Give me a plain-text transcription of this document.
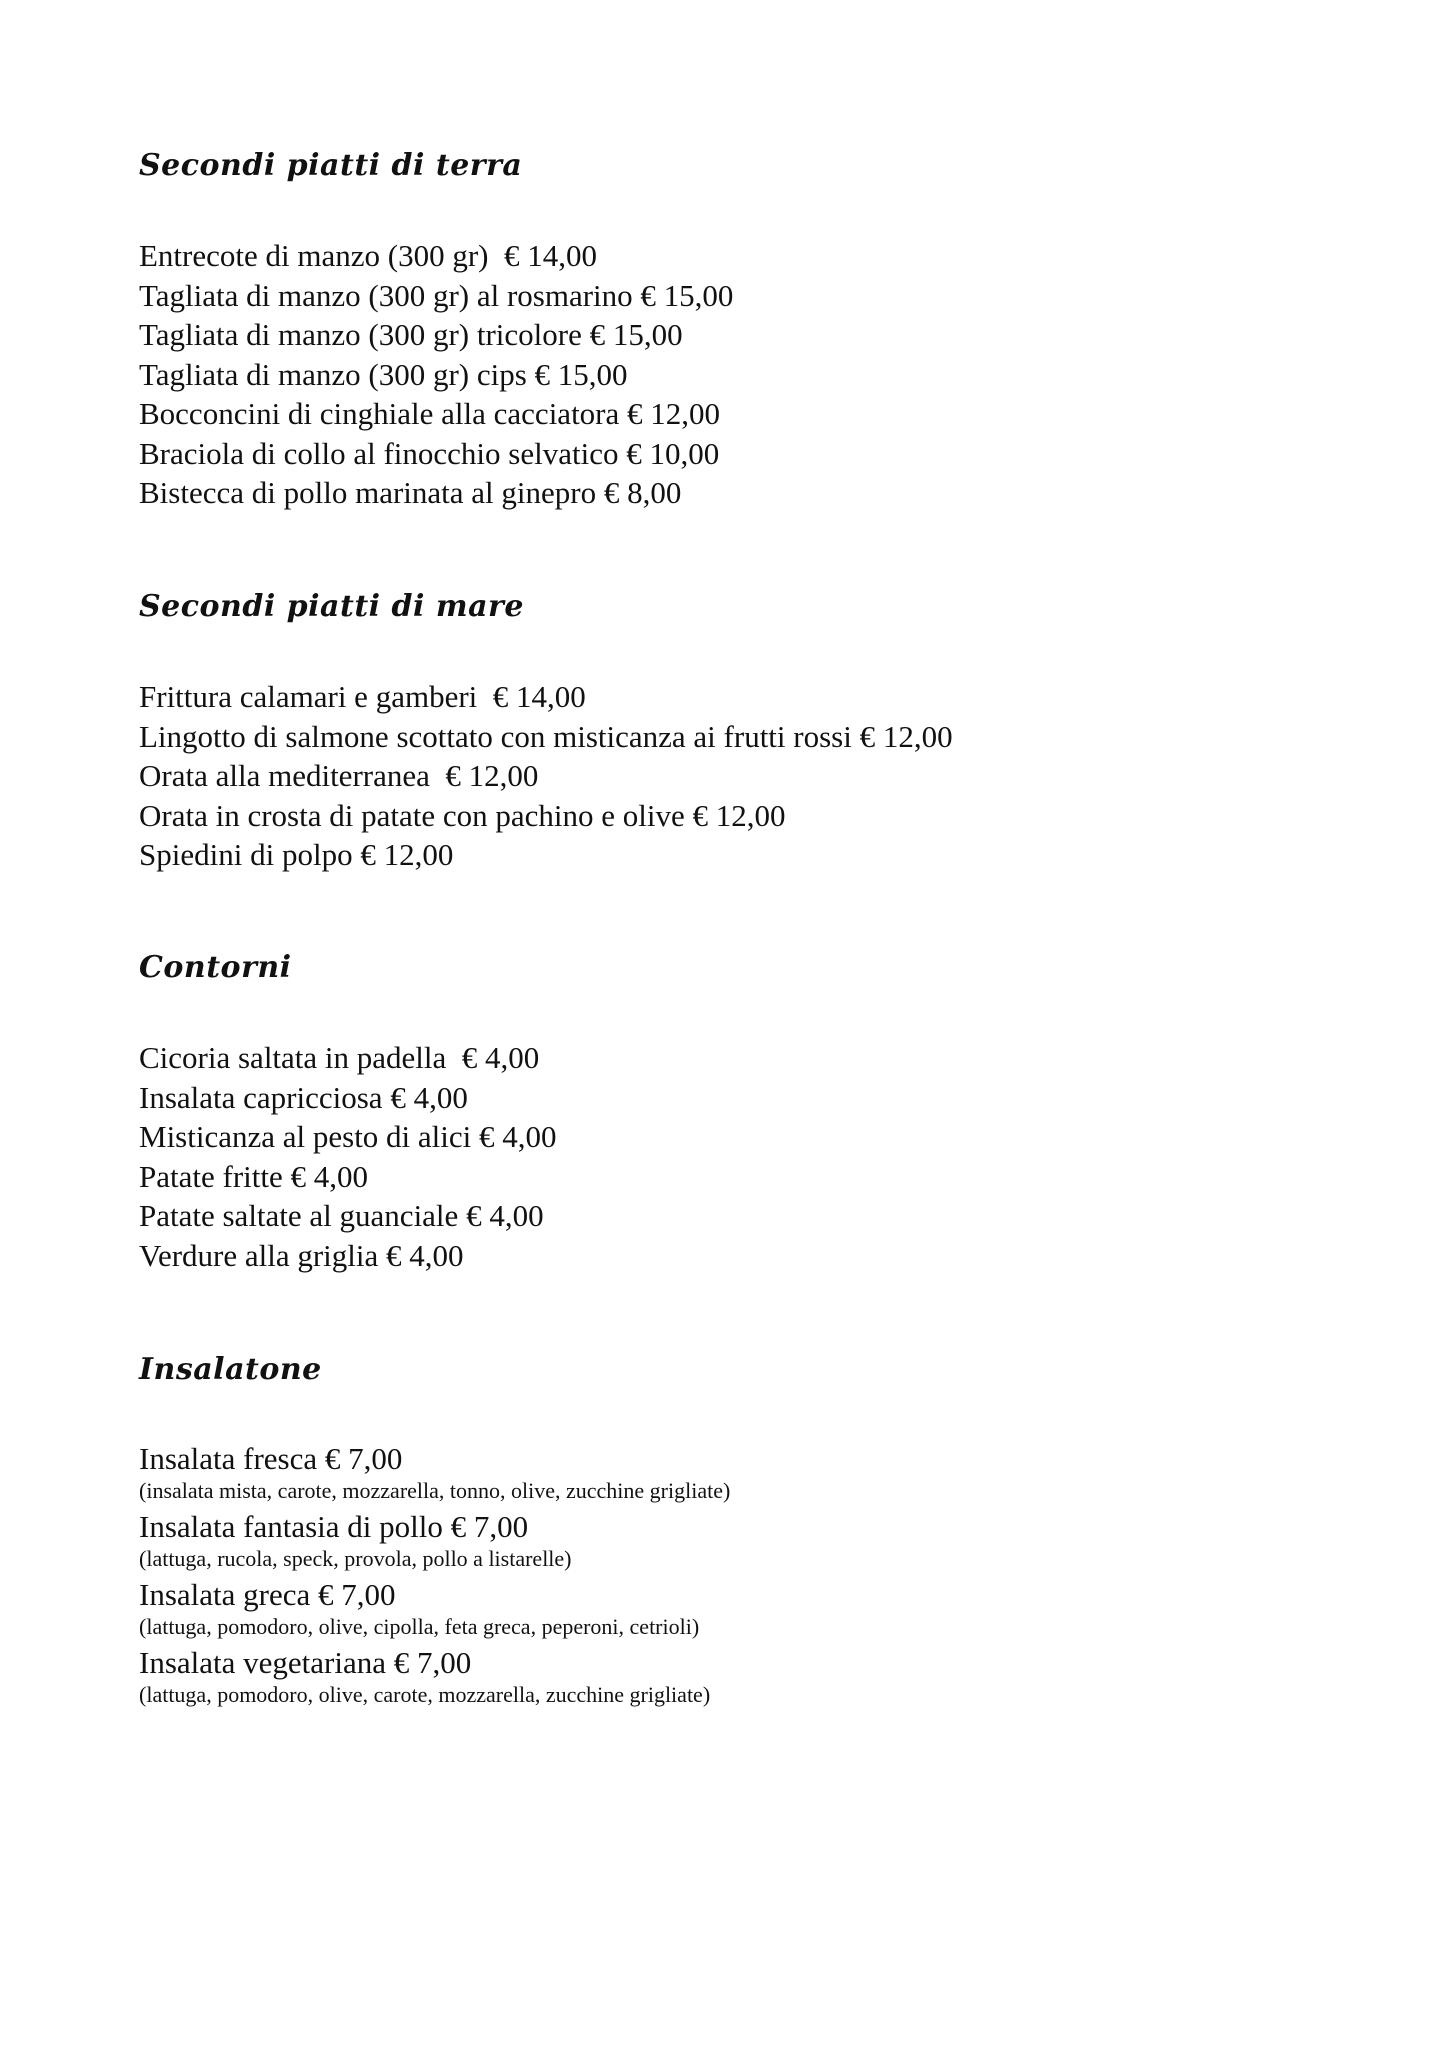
Secondi piatti di terra
Entrecote di manzo (300 gr)  € 14,00
Tagliata di manzo (300 gr) al rosmarino € 15,00
Tagliata di manzo (300 gr) tricolore € 15,00
Tagliata di manzo (300 gr) cips € 15,00
Bocconcini di cinghiale alla cacciatora € 12,00
Braciola di collo al finocchio selvatico € 10,00
Bistecca di pollo marinata al ginepro € 8,00
Secondi piatti di mare
Frittura calamari e gamberi  € 14,00
Lingotto di salmone scottato con misticanza ai frutti rossi € 12,00
Orata alla mediterranea  € 12,00
Orata in crosta di patate con pachino e olive € 12,00
Spiedini di polpo € 12,00
Contorni
Cicoria saltata in padella  € 4,00
Insalata capricciosa € 4,00
Misticanza al pesto di alici € 4,00
Patate fritte € 4,00
Patate saltate al guanciale € 4,00
Verdure alla griglia € 4,00
Insalatone
Insalata fresca € 7,00
(insalata mista, carote, mozzarella, tonno, olive, zucchine grigliate)
Insalata fantasia di pollo € 7,00
(lattuga, rucola, speck, provola, pollo a listarelle)
Insalata greca € 7,00
(lattuga, pomodoro, olive, cipolla, feta greca, peperoni, cetrioli)
Insalata vegetariana € 7,00
(lattuga, pomodoro, olive, carote, mozzarella, zucchine grigliate)
